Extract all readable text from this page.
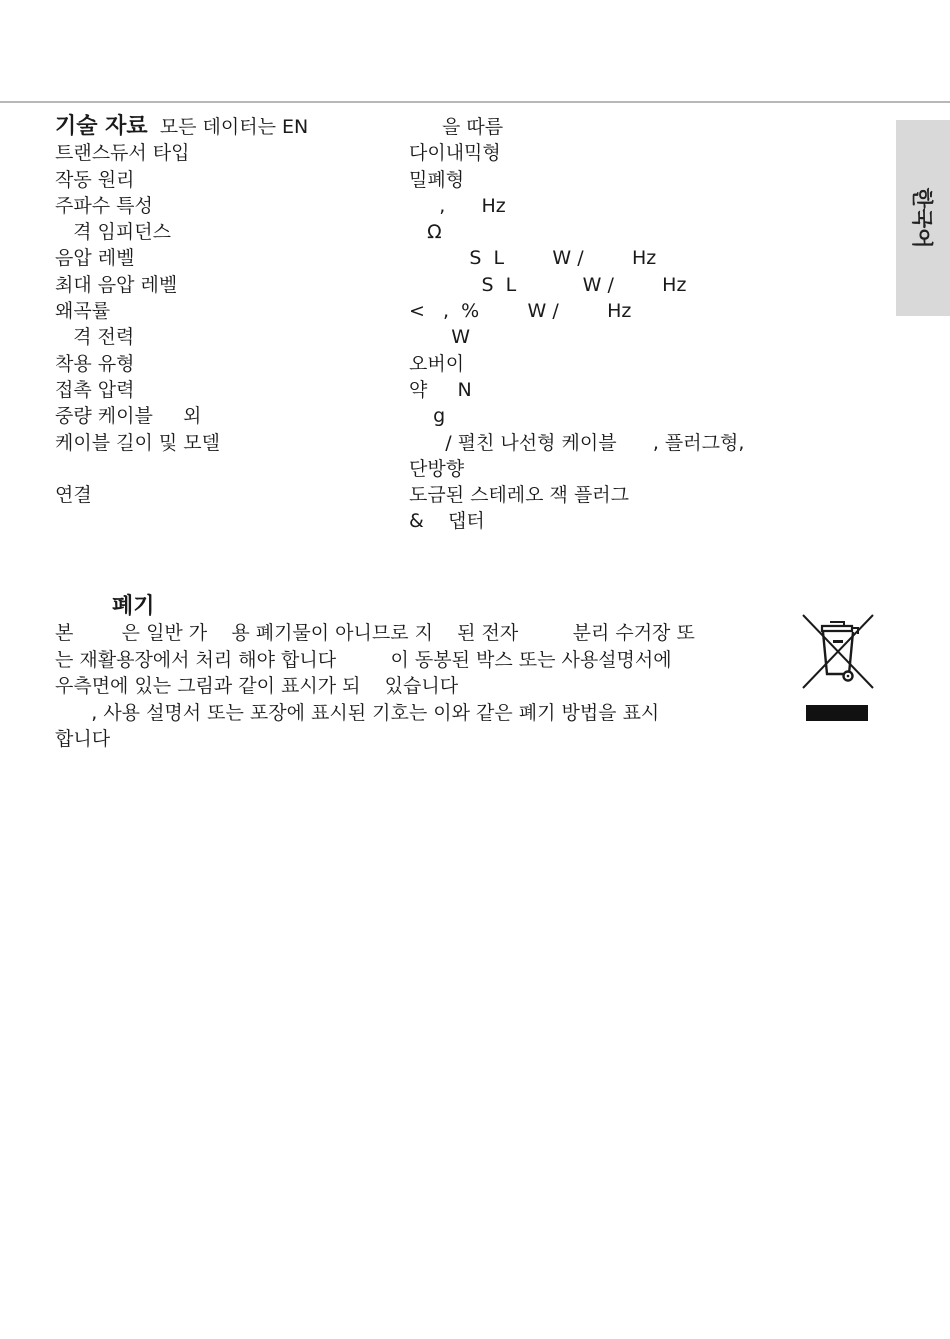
한국어

기술 자료 모든 데이터는 EN

	을 따름

트랜스듀서 타입	다이내믹형
작동 원리	밀폐형
주파수 특성	,      Hz
격 임피던스	Ω
음압 레벨	S  L        W /        Hz
최대 음압 레벨	S  L           W /        Hz
왜곡률	<   ,  %        W /        Hz
격 전력	W
착용 유형	오버이
접촉 압력	약     N
중량 케이블     외	g
케이블 길이 및 모델	/ 펼친 나선형 케이블      , 플러그형,
단방향
연결	도금된 스테레오 잭 플러그
&    댑터
폐기
본        은 일반 가    용 폐기물이 아니므로 지    된 전자         분리 수거장 또
는 재활용장에서 처리 해야 합니다         이 동봉된 박스 또는 사용설명서에
우측면에 있는 그림과 같이 표시가 되    있습니다
, 사용 설명서 또는 포장에 표시된 기호는 이와 같은 폐기 방법을 표시
합니다
